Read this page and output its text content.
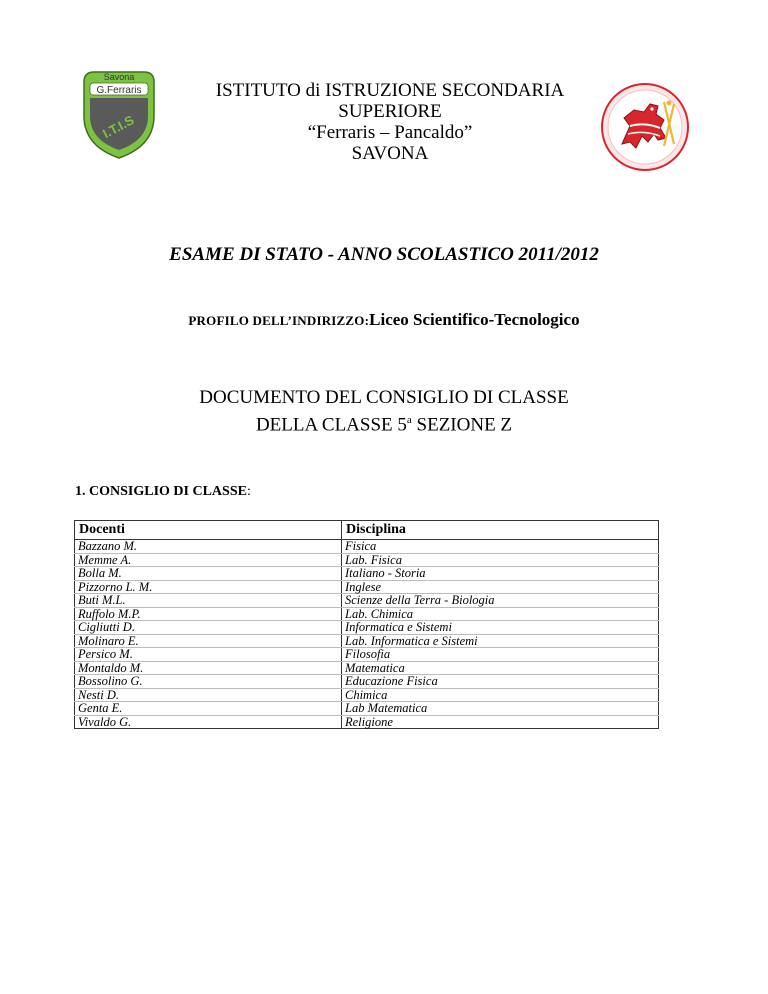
Savona
G.Ferraris
I.T.I.S
ISTITUTO di ISTRUZIONE SECONDARIA
SUPERIORE
“Ferraris – Pancaldo”
SAVONA
ESAME DI STATO - ANNO SCOLASTICO 2011/2012
PROFILO DELL’INDIRIZZO:Liceo Scientifico-Tecnologico
DOCUMENTO DEL CONSIGLIO DI CLASSE
DELLA CLASSE 5$^a$ SEZIONE Z
1. CONSIGLIO DI CLASSE:
Docenti	Disciplina
Bazzano M.	Fisica
Memme A.	Lab. Fisica
Bolla M.	Italiano - Storia
Pizzorno L. M.	Inglese
Buti M.L.	Scienze della Terra - Biologia
Ruffolo M.P.	Lab. Chimica
Cigliutti D.	Informatica e Sistemi
Molinaro E.	Lab. Informatica e Sistemi
Persico M.	Filosofia
Montaldo M.	Matematica
Bossolino G.	Educazione Fisica
Nesti D.	Chimica
Genta E.	Lab Matematica
Vivaldo G.	Religione
